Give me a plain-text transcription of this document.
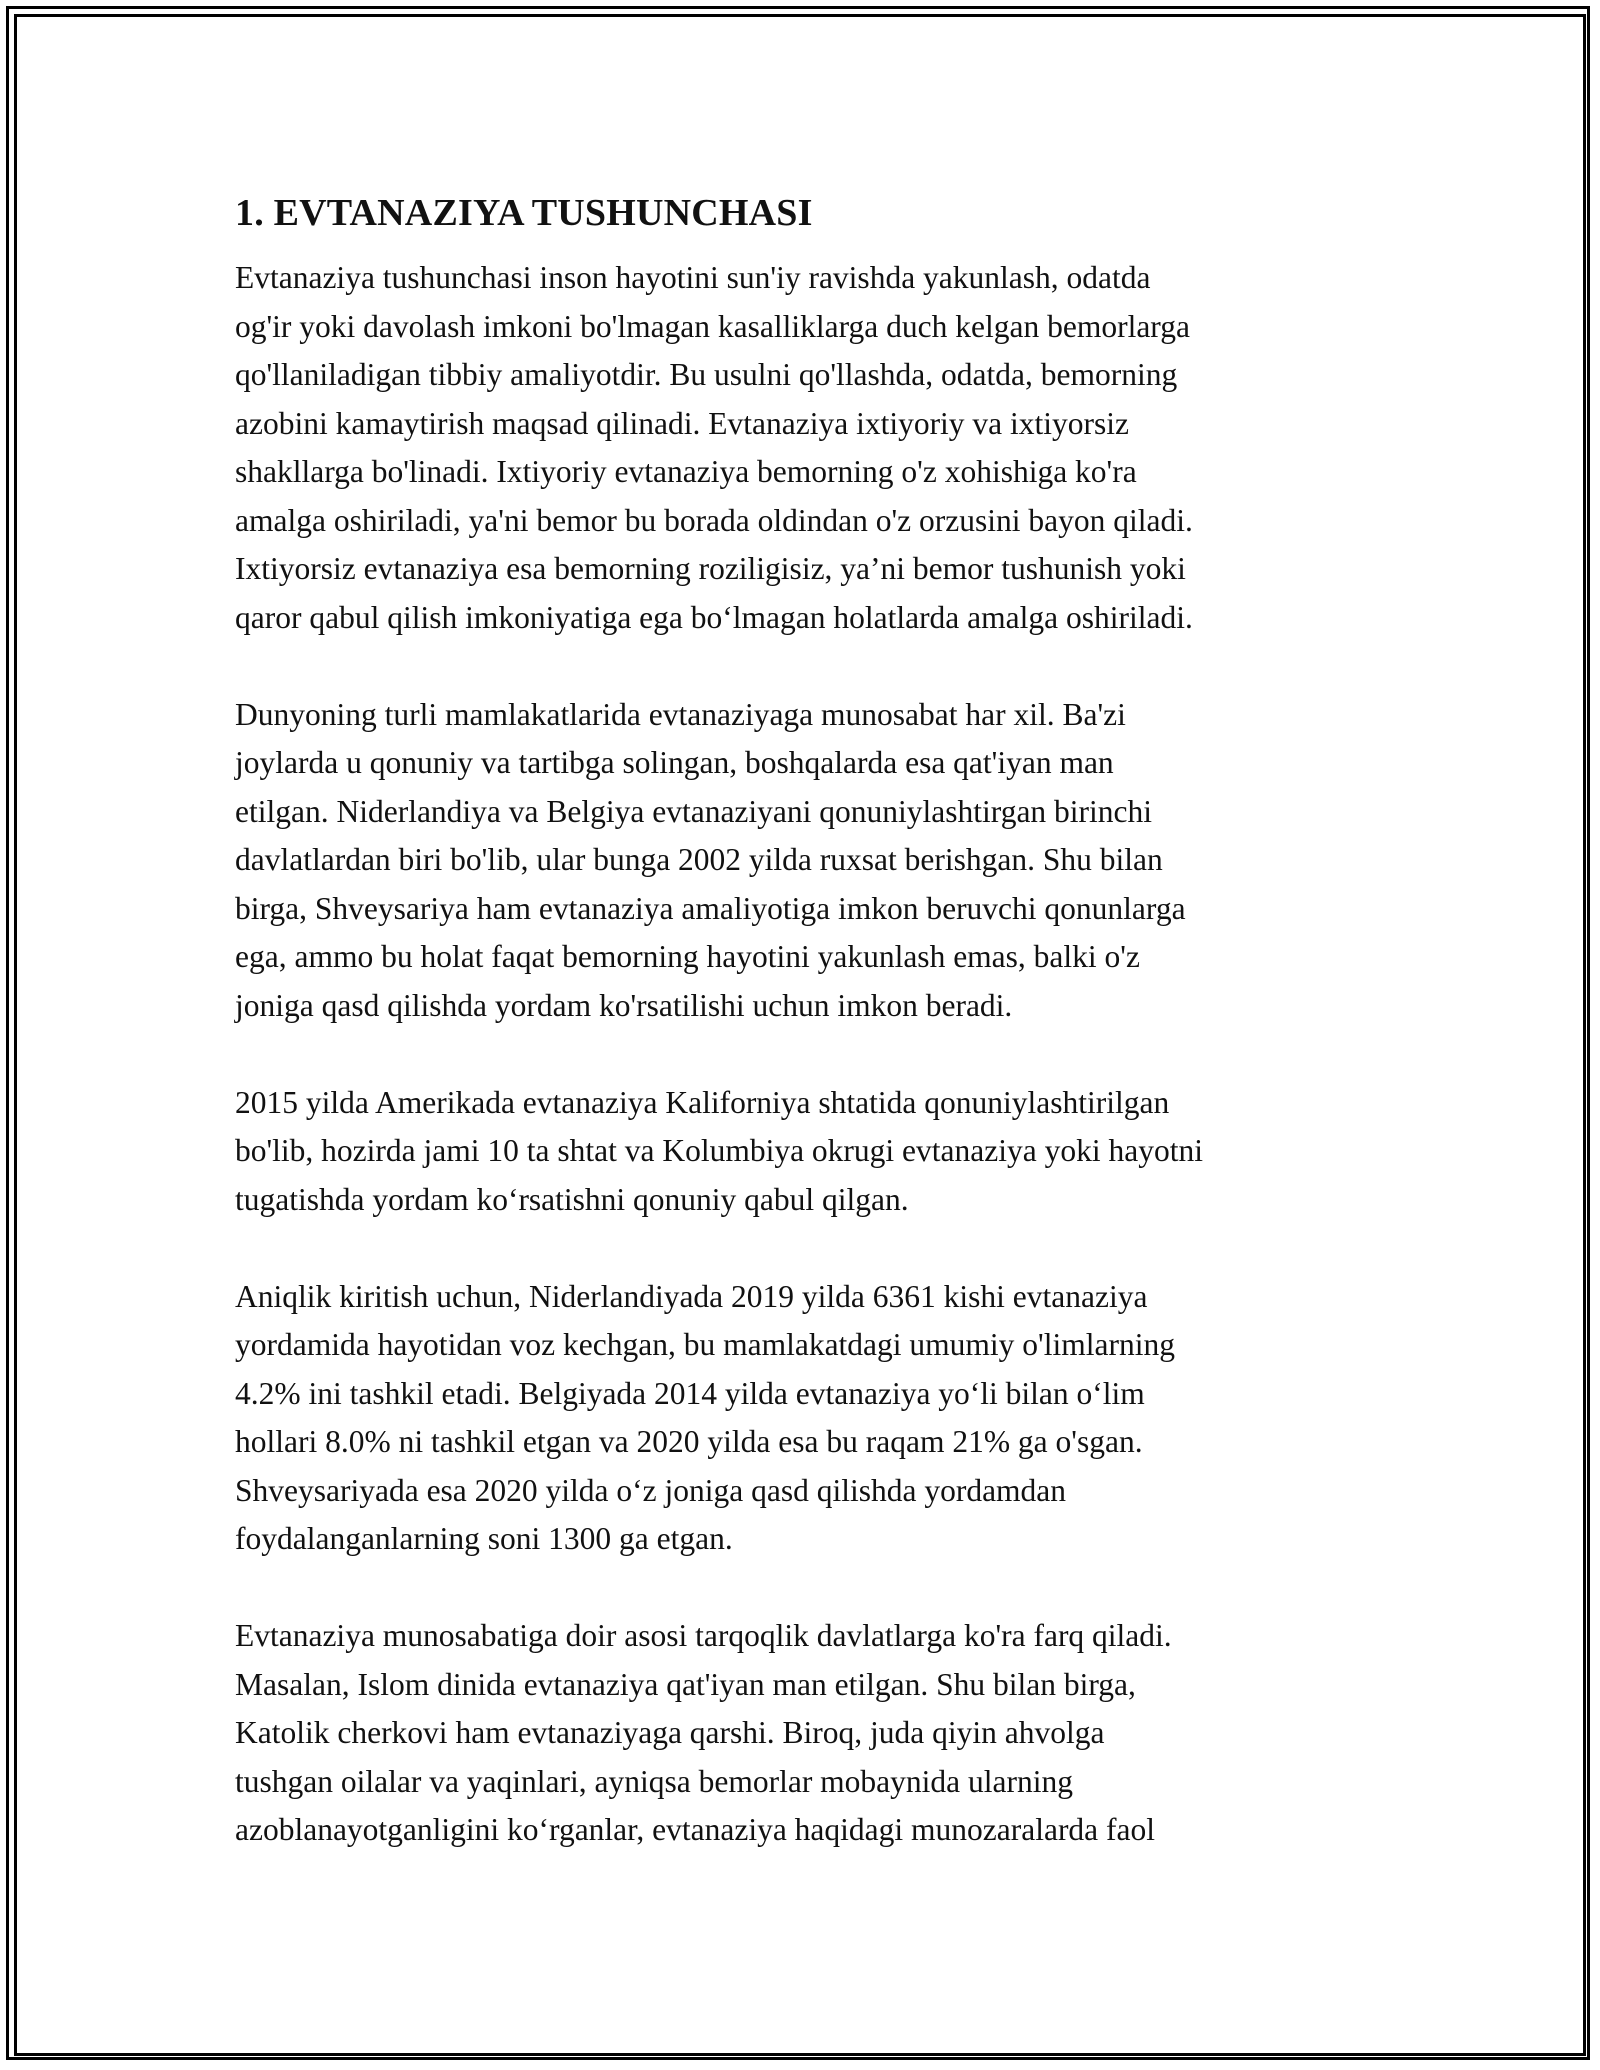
1. EVTANAZIYA TUSHUNCHASI
Evtanaziya tushunchasi inson hayotini sun'iy ravishda yakunlash, odatda
og'ir yoki davolash imkoni bo'lmagan kasalliklarga duch kelgan bemorlarga
qo'llaniladigan tibbiy amaliyotdir. Bu usulni qo'llashda, odatda, bemorning
azobini kamaytirish maqsad qilinadi. Evtanaziya ixtiyoriy va ixtiyorsiz
shakllarga bo'linadi. Ixtiyoriy evtanaziya bemorning o'z xohishiga ko'ra
amalga oshiriladi, ya'ni bemor bu borada oldindan o'z orzusini bayon qiladi.
Ixtiyorsiz evtanaziya esa bemorning roziligisiz, ya’ni bemor tushunish yoki
qaror qabul qilish imkoniyatiga ega bo‘lmagan holatlarda amalga oshiriladi.
Dunyoning turli mamlakatlarida evtanaziyaga munosabat har xil. Ba'zi
joylarda u qonuniy va tartibga solingan, boshqalarda esa qat'iyan man
etilgan. Niderlandiya va Belgiya evtanaziyani qonuniylashtirgan birinchi
davlatlardan biri bo'lib, ular bunga 2002 yilda ruxsat berishgan. Shu bilan
birga, Shveysariya ham evtanaziya amaliyotiga imkon beruvchi qonunlarga
ega, ammo bu holat faqat bemorning hayotini yakunlash emas, balki o'z
joniga qasd qilishda yordam ko'rsatilishi uchun imkon beradi.
2015 yilda Amerikada evtanaziya Kaliforniya shtatida qonuniylashtirilgan
bo'lib, hozirda jami 10 ta shtat va Kolumbiya okrugi evtanaziya yoki hayotni
tugatishda yordam ko‘rsatishni qonuniy qabul qilgan.
Aniqlik kiritish uchun, Niderlandiyada 2019 yilda 6361 kishi evtanaziya
yordamida hayotidan voz kechgan, bu mamlakatdagi umumiy o'limlarning
4.2% ini tashkil etadi. Belgiyada 2014 yilda evtanaziya yo‘li bilan o‘lim
hollari 8.0% ni tashkil etgan va 2020 yilda esa bu raqam 21% ga o'sgan.
Shveysariyada esa 2020 yilda o‘z joniga qasd qilishda yordamdan
foydalanganlarning soni 1300 ga etgan.
Evtanaziya munosabatiga doir asosi tarqoqlik davlatlarga ko'ra farq qiladi.
Masalan, Islom dinida evtanaziya qat'iyan man etilgan. Shu bilan birga,
Katolik cherkovi ham evtanaziyaga qarshi. Biroq, juda qiyin ahvolga
tushgan oilalar va yaqinlari, ayniqsa bemorlar mobaynida ularning
azoblanayotganligini ko‘rganlar, evtanaziya haqidagi munozaralarda faol
